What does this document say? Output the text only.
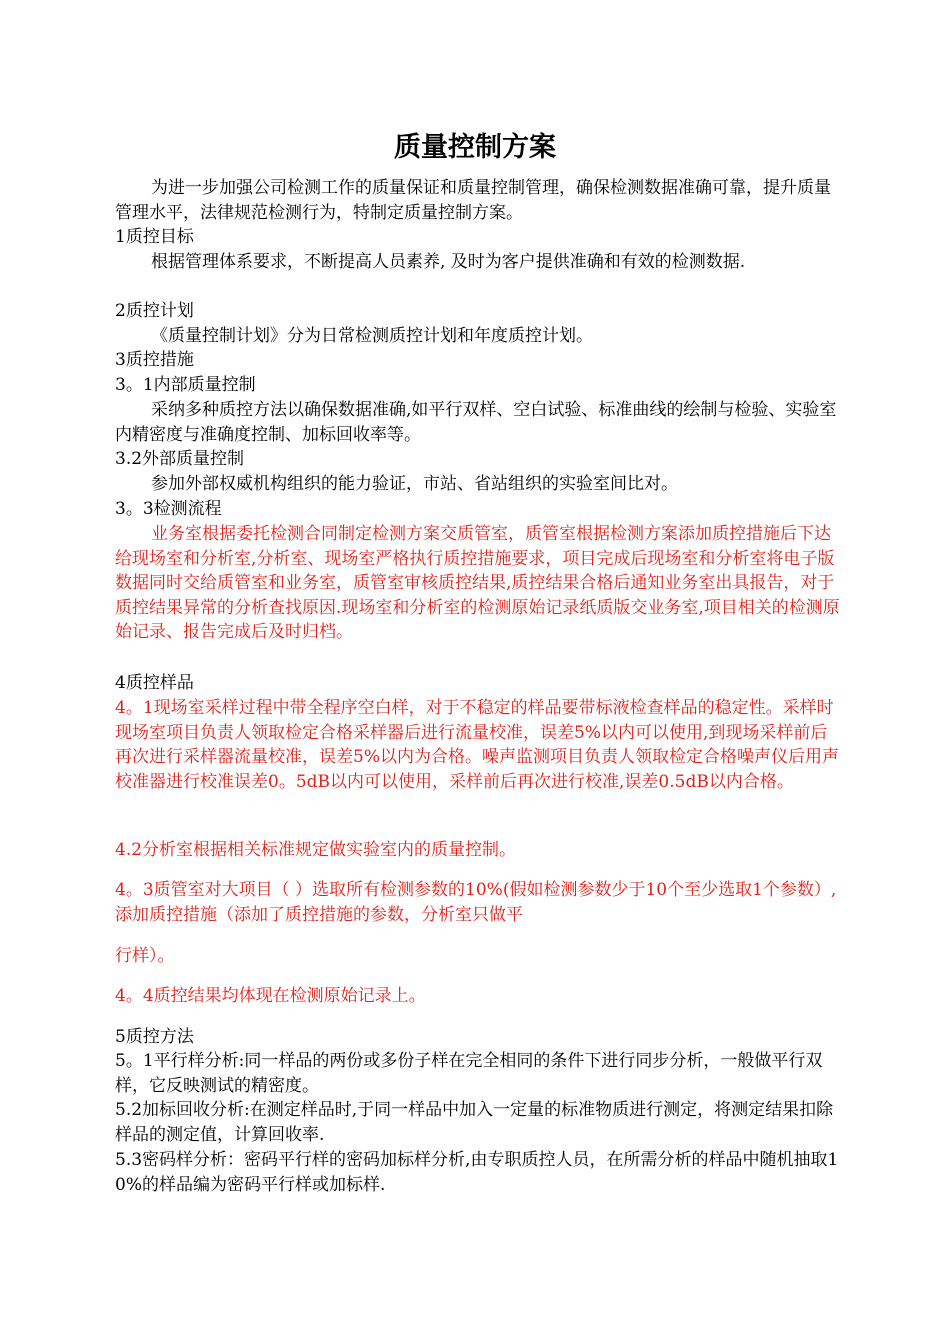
质量控制方案

为进一步加强公司检测工作的质量保证和质量控制管理，确保检测数据准确可靠，提升质量管理水平，法律规范检测行为，特制定质量控制方案。

1质控目标

根据管理体系要求，不断提高人员素养, 及时为客户提供准确和有效的检测数据.

2质控计划

《质量控制计划》分为日常检测质控计划和年度质控计划。

3质控措施

3。1内部质量控制

采纳多种质控方法以确保数据准确,如平行双样、空白试验、标准曲线的绘制与检验、实验室内精密度与准确度控制、加标回收率等。

3.2外部质量控制

参加外部权威机构组织的能力验证，市站、省站组织的实验室间比对。

3。3检测流程

业务室根据委托检测合同制定检测方案交质管室，质管室根据检测方案添加质控措施后下达给现场室和分析室,分析室、现场室严格执行质控措施要求，项目完成后现场室和分析室将电子版数据同时交给质管室和业务室，质管室审核质控结果,质控结果合格后通知业务室出具报告，对于质控结果异常的分析查找原因.现场室和分析室的检测原始记录纸质版交业务室,项目相关的检测原始记录、报告完成后及时归档。

4质控样品

4。1现场室采样过程中带全程序空白样，对于不稳定的样品要带标液检查样品的稳定性。采样时现场室项目负责人领取检定合格采样器后进行流量校准，误差5%以内可以使用,到现场采样前后再次进行采样器流量校准，误差5%以内为合格。噪声监测项目负责人领取检定合格噪声仪后用声校准器进行校准误差0。5dB以内可以使用，采样前后再次进行校准,误差0.5dB以内合格。

4.2分析室根据相关标准规定做实验室内的质量控制。

4。3质管室对大项目（ ）选取所有检测参数的10%(假如检测参数少于10个至少选取1个参数）,添加质控措施（添加了质控措施的参数，分析室只做平

行样）。

4。4质控结果均体现在检测原始记录上。

5质控方法

5。1平行样分析:同一样品的两份或多份子样在完全相同的条件下进行同步分析，一般做平行双样，它反映测试的精密度。

5.2加标回收分析:在测定样品时,于同一样品中加入一定量的标准物质进行测定，将测定结果扣除样品的测定值，计算回收率.

5.3密码样分析：密码平行样的密码加标样分析,由专职质控人员，在所需分析的样品中随机抽取10%的样品编为密码平行样或加标样.
